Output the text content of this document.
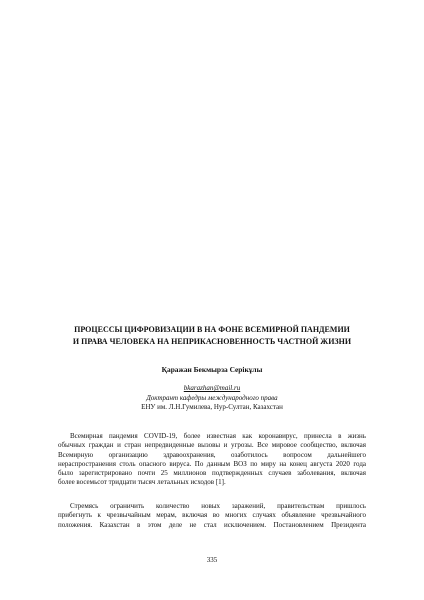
ПРОЦЕССЫ ЦИФРОВИЗАЦИИ В НА ФОНЕ ВСЕМИРНОЙ ПАНДЕМИИ
И ПРАВА ЧЕЛОВЕКА НА НЕПРИКАСНОВЕННОСТЬ ЧАСТНОЙ ЖИЗНИ
Қаражан Бекмырза Серікұлы
bkarazhan@mail.ru
Доктрант кафедры международного права
ЕНУ им. Л.Н.Гумилева, Нур-Султан, Казахстан
Всемирная пандемия COVID-19, более известная как коронавирус, принесла в жизнь
обычных граждан и стран непредвиденные вызовы и угрозы. Все мировое сообщество, включая
Всемирную организацию здравоохранения, озаботилось вопросом дальнейшего
нераспространения столь опасного вируса. По данным ВОЗ по миру на конец августа 2020 года
было зарегистрировано почти 25 миллионов подтвержденных случаев заболевания, включая
более восемьсот тридцати тысяч летальных исходов [1].
Стремясь ограничить количество новых заражений, правительствам пришлось
прибегнуть к чрезвычайным мерам, включая во многих случаях объявление чрезвычайного
положения. Казахстан в этом деле не стал исключением. Постановлением Президента
335
